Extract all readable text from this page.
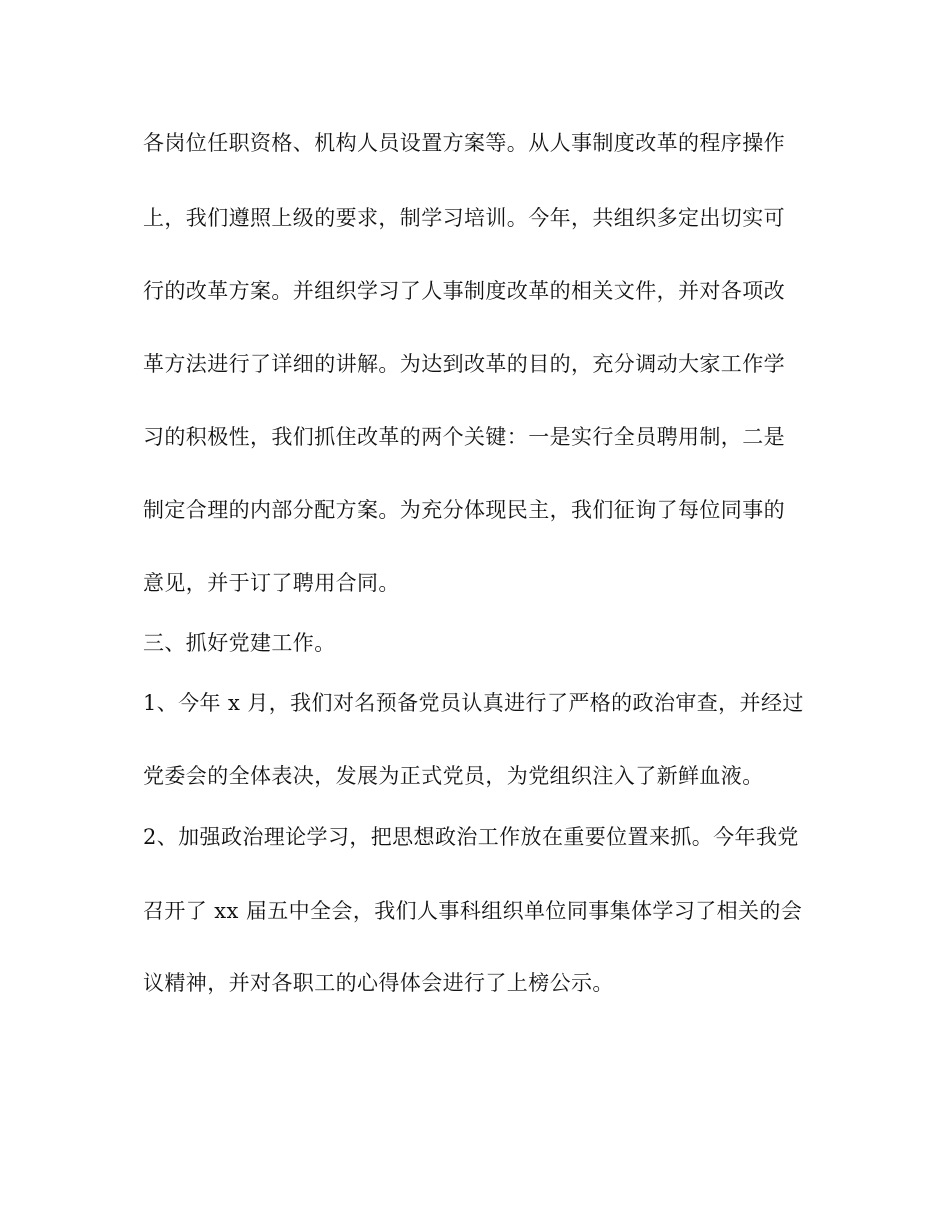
各岗位任职资格、机构人员设置方案等。从人事制度改革的程序操作
上，我们遵照上级的要求，制学习培训。今年，共组织多定出切实可
行的改革方案。并组织学习了人事制度改革的相关文件，并对各项改
革方法进行了详细的讲解。为达到改革的目的，充分调动大家工作学
习的积极性，我们抓住改革的两个关键：一是实行全员聘用制，二是
制定合理的内部分配方案。为充分体现民主，我们征询了每位同事的
意见，并于订了聘用合同。
三、抓好党建工作。
1、今年 x 月，我们对名预备党员认真进行了严格的政治审查，并经过
党委会的全体表决，发展为正式党员，为党组织注入了新鲜血液。
2、加强政治理论学习，把思想政治工作放在重要位置来抓。今年我党
召开了 xx 届五中全会，我们人事科组织单位同事集体学习了相关的会
议精神，并对各职工的心得体会进行了上榜公示。
